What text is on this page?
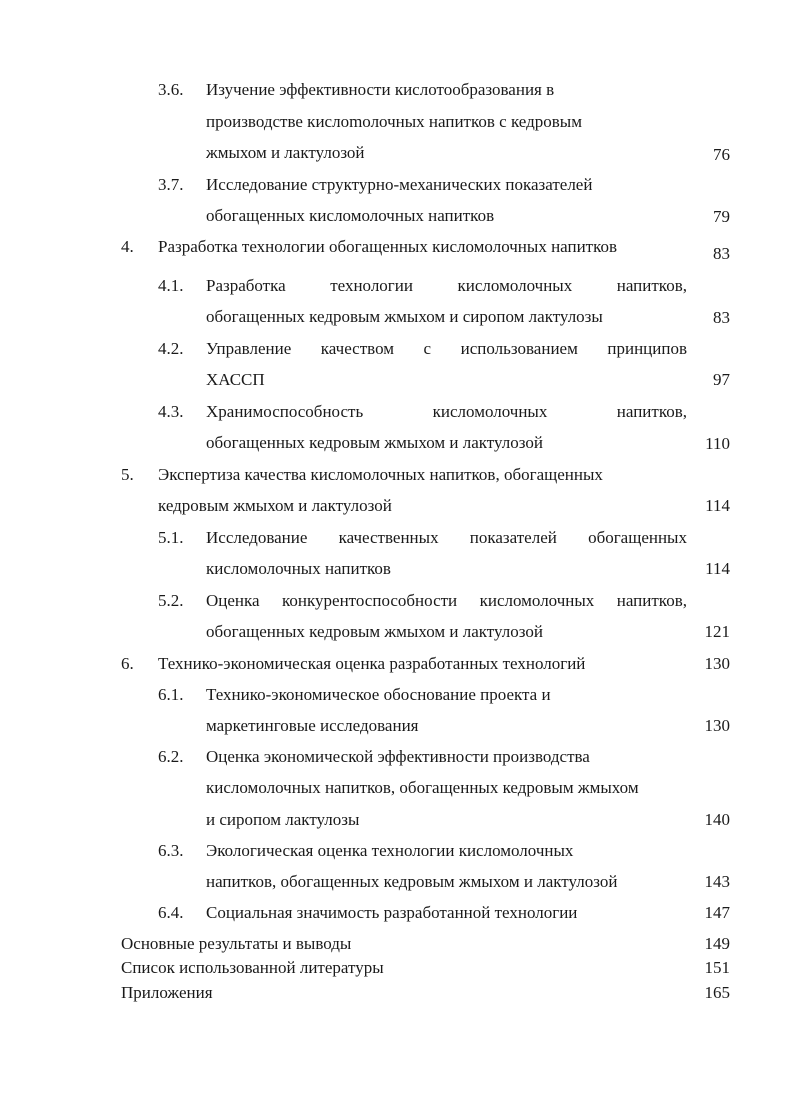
3.6. Изучение эффективности кислотообразования в
производстве кислomолочных напитков с кедровым
жмыхом и лактулозой	76
3.7. Исследование структурно-механических показателей
обогащенных кисломолочных напитков	79
4. Разработка технологии обогащенных кисломолочных напитков	83
4.1. Разработка	технологии	кисломолочных	напитков,
обогащенных кедровым жмыхом и сиропом лактулозы	83
4.2. Управление качеством с использованием принципов
ХАССП	97
4.3. Хранимоспособность	кисломолочных	напитков,
обогащенных кедровым жмыхом и лактулозой	110
5. Экспертиза качества кисломолочных напитков, обогащенных
кедровым жмыхом и лактулозой	114
5.1. Исследование качественных показателей обогащенных
кисломолочных напитков	114
5.2. Оценка конкурентоспособности кисломолочных напитков,
обогащенных кедровым жмыхом и лактулозой	121
6. Технико-экономическая оценка разработанных технологий	130
6.1. Технико-экономическое обоснование проекта и
маркетинговые исследования	130
6.2. Оценка экономической эффективности производства
кисломолочных напитков, обогащенных кедровым жмыхом
и сиропом лактулозы	140
6.3. Экологическая оценка технологии кисломолочных
напитков, обогащенных кедровым жмыхом и лактулозой	143
6.4. Социальная значимость разработанной технологии	147
Основные результаты и выводы	149
Список использованной литературы	151
Приложения	165
